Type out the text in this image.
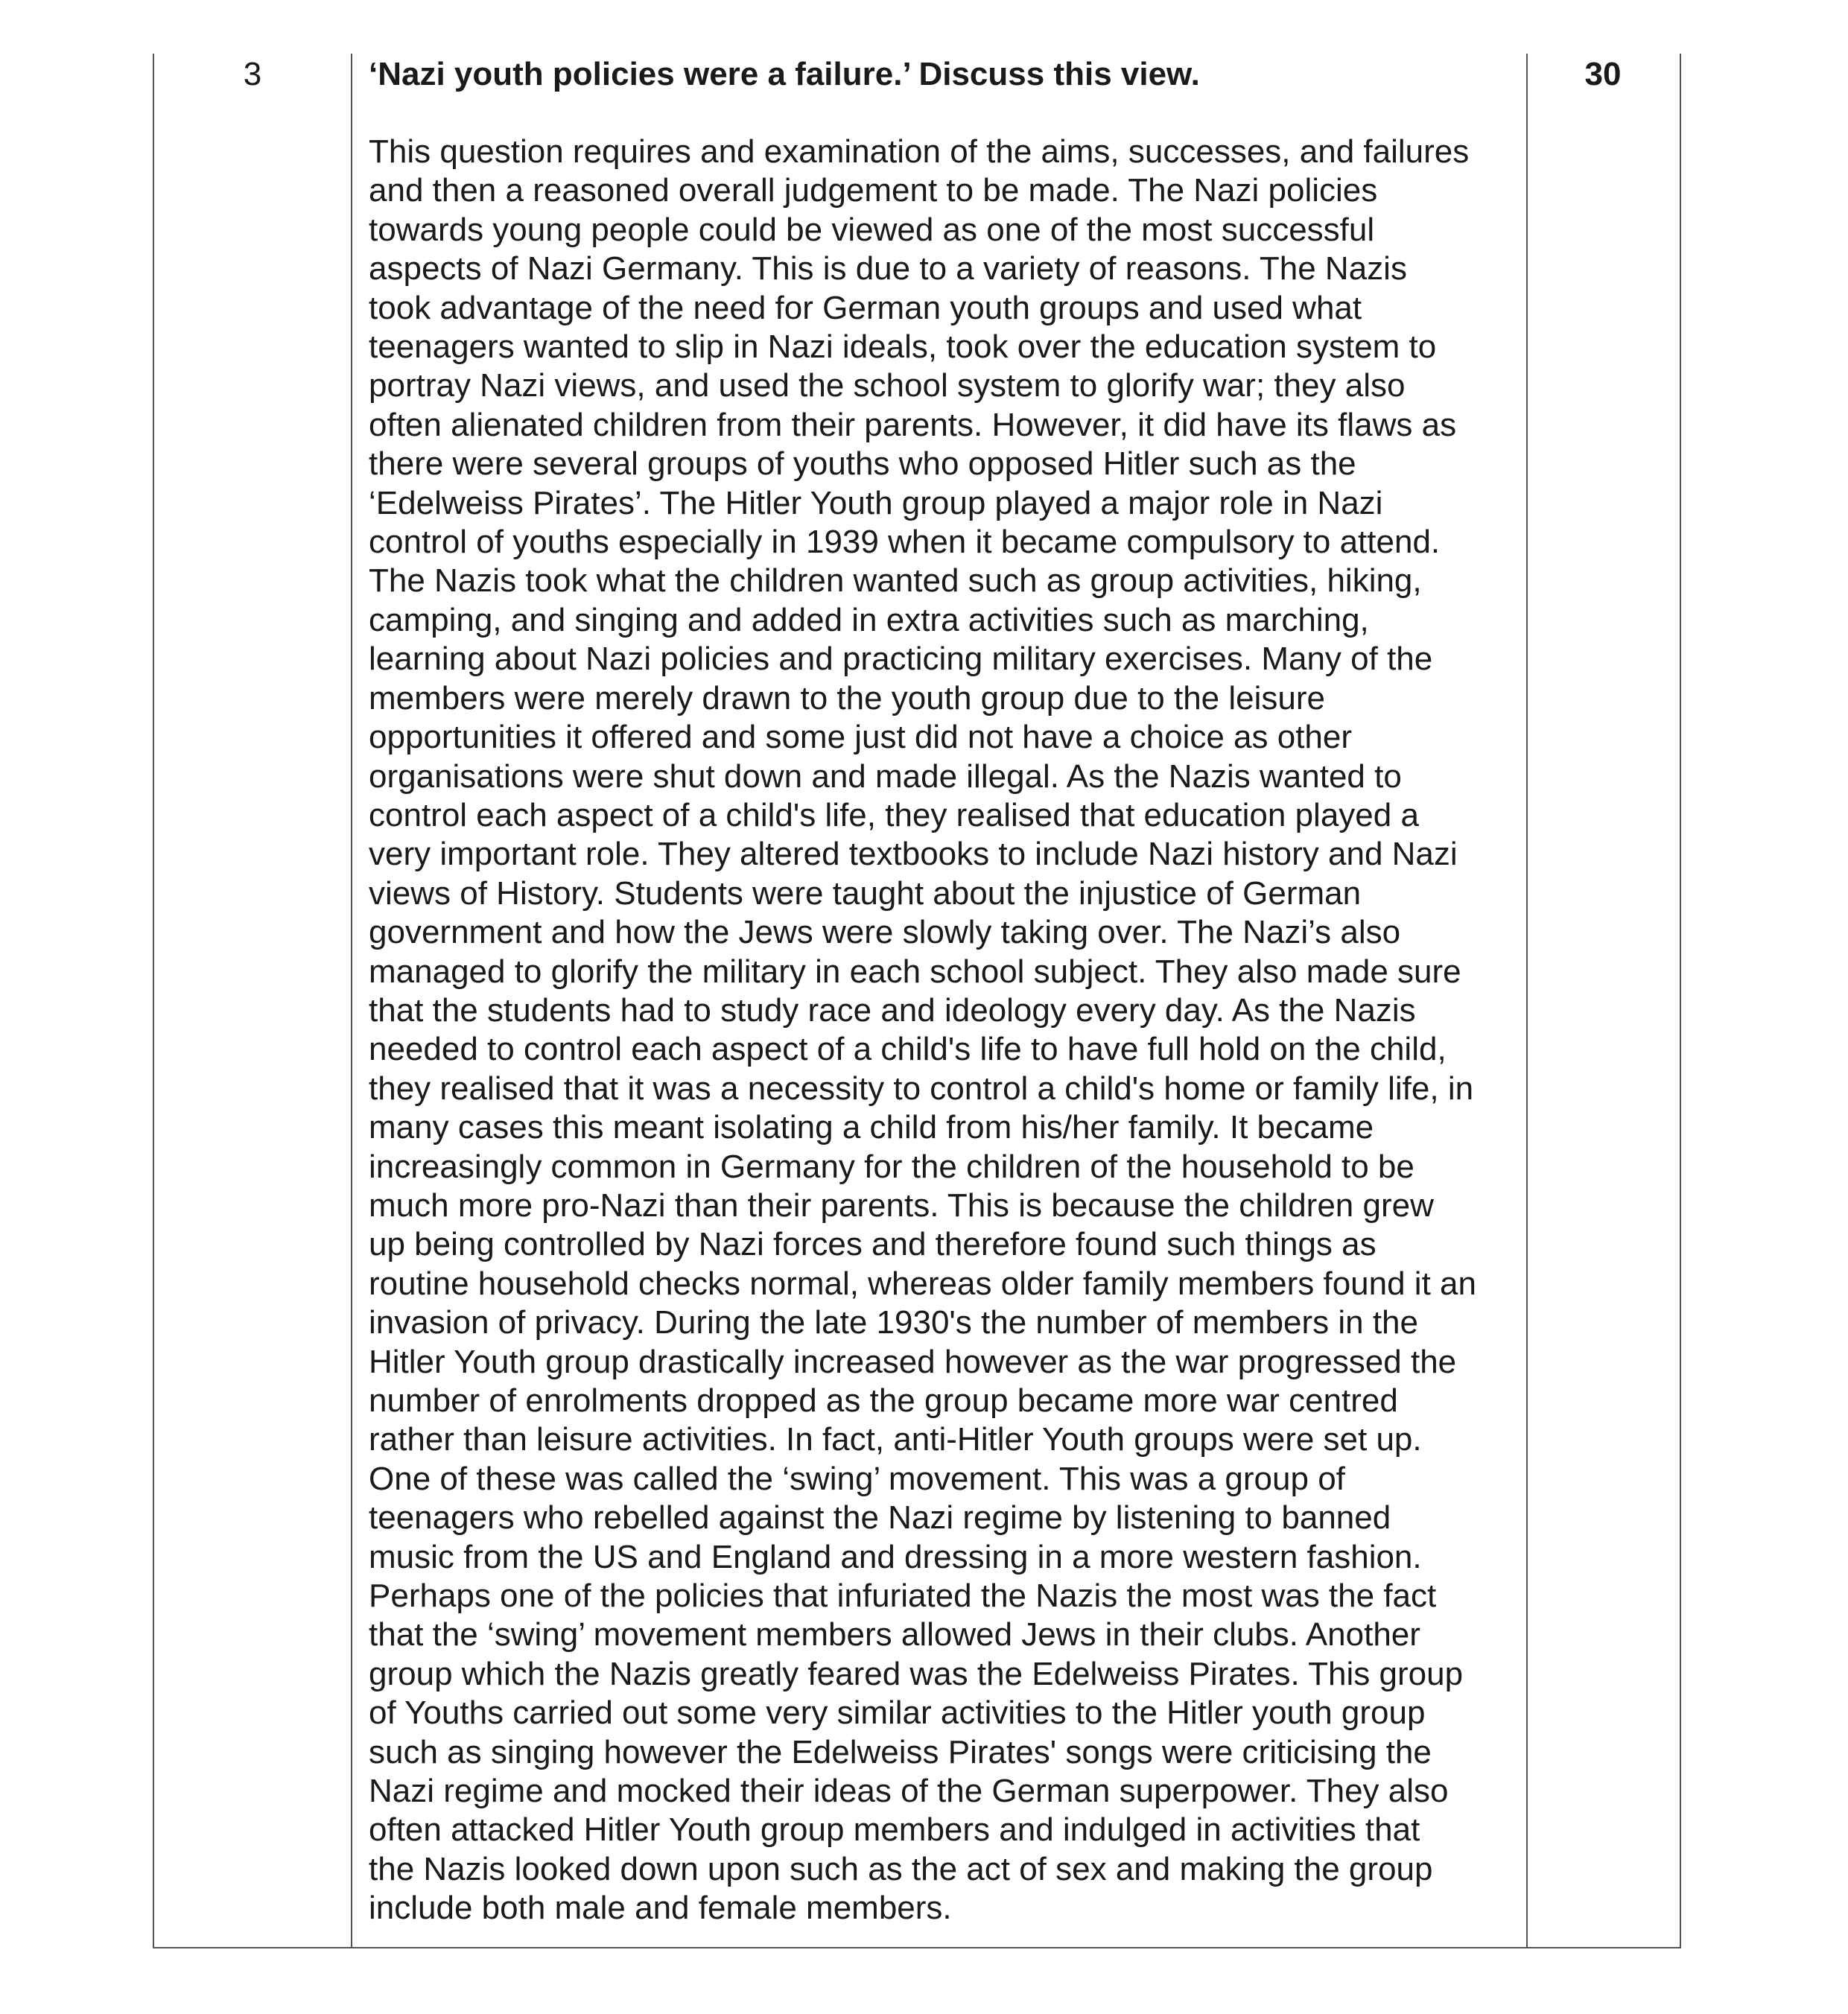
3	‘Nazi youth policies were a failure.’ Discuss this view.
This question requires and examination of the aims, successes, and failures
and then a reasoned overall judgement to be made. The Nazi policies
towards young people could be viewed as one of the most successful
aspects of Nazi Germany. This is due to a variety of reasons. The Nazis
took advantage of the need for German youth groups and used what
teenagers wanted to slip in Nazi ideals, took over the education system to
portray Nazi views, and used the school system to glorify war; they also
often alienated children from their parents. However, it did have its flaws as
there were several groups of youths who opposed Hitler such as the
‘Edelweiss Pirates’. The Hitler Youth group played a major role in Nazi
control of youths especially in 1939 when it became compulsory to attend.
The Nazis took what the children wanted such as group activities, hiking,
camping, and singing and added in extra activities such as marching,
learning about Nazi policies and practicing military exercises. Many of the
members were merely drawn to the youth group due to the leisure
opportunities it offered and some just did not have a choice as other
organisations were shut down and made illegal. As the Nazis wanted to
control each aspect of a child's life, they realised that education played a
very important role. They altered textbooks to include Nazi history and Nazi
views of History. Students were taught about the injustice of German
government and how the Jews were slowly taking over. The Nazi’s also
managed to glorify the military in each school subject. They also made sure
that the students had to study race and ideology every day. As the Nazis
needed to control each aspect of a child's life to have full hold on the child,
they realised that it was a necessity to control a child's home or family life, in
many cases this meant isolating a child from his/her family. It became
increasingly common in Germany for the children of the household to be
much more pro-Nazi than their parents. This is because the children grew
up being controlled by Nazi forces and therefore found such things as
routine household checks normal, whereas older family members found it an
invasion of privacy. During the late 1930's the number of members in the
Hitler Youth group drastically increased however as the war progressed the
number of enrolments dropped as the group became more war centred
rather than leisure activities. In fact, anti-Hitler Youth groups were set up.
One of these was called the ‘swing’ movement. This was a group of
teenagers who rebelled against the Nazi regime by listening to banned
music from the US and England and dressing in a more western fashion.
Perhaps one of the policies that infuriated the Nazis the most was the fact
that the ‘swing’ movement members allowed Jews in their clubs. Another
group which the Nazis greatly feared was the Edelweiss Pirates. This group
of Youths carried out some very similar activities to the Hitler youth group
such as singing however the Edelweiss Pirates' songs were criticising the
Nazi regime and mocked their ideas of the German superpower. They also
often attacked Hitler Youth group members and indulged in activities that
the Nazis looked down upon such as the act of sex and making the group
include both male and female members.
30
